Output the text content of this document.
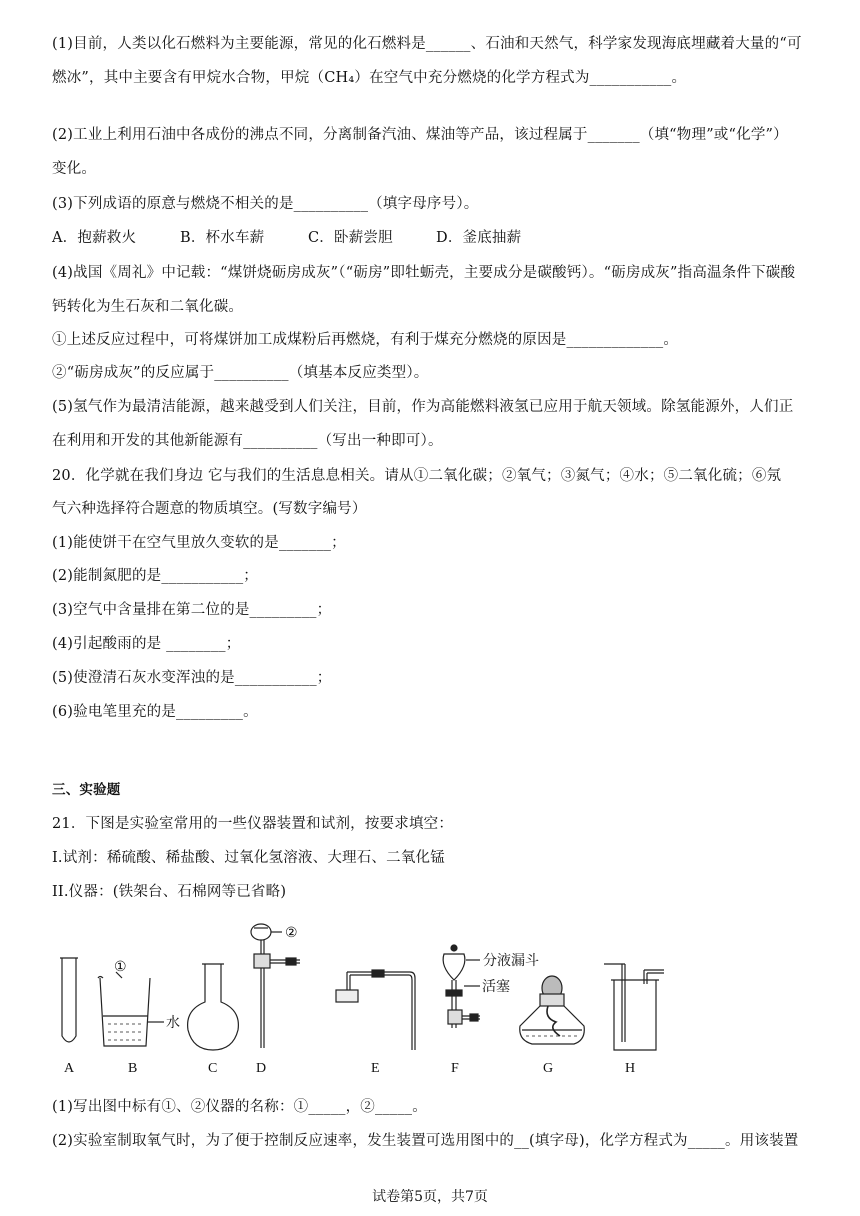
(1)目前，人类以化石燃料为主要能源，常见的化石燃料是______、石油和天然气，科学家发现海底埋藏着大量的“可
燃冰”，其中主要含有甲烷水合物，甲烷（CH₄）在空气中充分燃烧的化学方程式为___________。
(2)工业上利用石油中各成份的沸点不同，分离制备汽油、煤油等产品，该过程属于_______（填“物理”或“化学”）
变化。
(3)下列成语的原意与燃烧不相关的是__________（填字母序号）。
A．抱薪救火	B．杯水车薪	C．卧薪尝胆	D．釜底抽薪
(4)战国《周礼》中记载：“煤饼烧砺房成灰”（“砺房”即牡蛎壳，主要成分是碳酸钙）。“砺房成灰”指高温条件下碳酸
钙转化为生石灰和二氧化碳。
①上述反应过程中，可将煤饼加工成煤粉后再燃烧，有利于煤充分燃烧的原因是_____________。
②“砺房成灰”的反应属于__________（填基本反应类型）。
(5)氢气作为最清洁能源，越来越受到人们关注，目前，作为高能燃料液氢已应用于航天领域。除氢能源外，人们正
在利用和开发的其他新能源有__________（写出一种即可）。
20．化学就在我们身边 它与我们的生活息息相关。请从①二氧化碳；②氧气；③氮气；④水；⑤二氧化硫；⑥氖
气六种选择符合题意的物质填空。(写数字编号）
(1)能使饼干在空气里放久变软的是_______；
(2)能制氮肥的是___________；
(3)空气中含量排在第二位的是_________；
(4)引起酸雨的是 ________；
(5)使澄清石灰水变浑浊的是___________；
(6)验电笔里充的是_________。
三、实验题
21．下图是实验室常用的一些仪器装置和试剂，按要求填空：
I.试剂：稀硫酸、稀盐酸、过氧化氢溶液、大理石、二氧化锰
II.仪器：(铁架台、石棉网等已省略)
①
②
水
分液漏斗
活塞
A	B	C	D	E	F	G	H
(1)写出图中标有①、②仪器的名称：①_____，②_____。
(2)实验室制取氧气时，为了便于控制反应速率，发生装置可选用图中的__(填字母)，化学方程式为_____。用该装置
试卷第5页，共7页
